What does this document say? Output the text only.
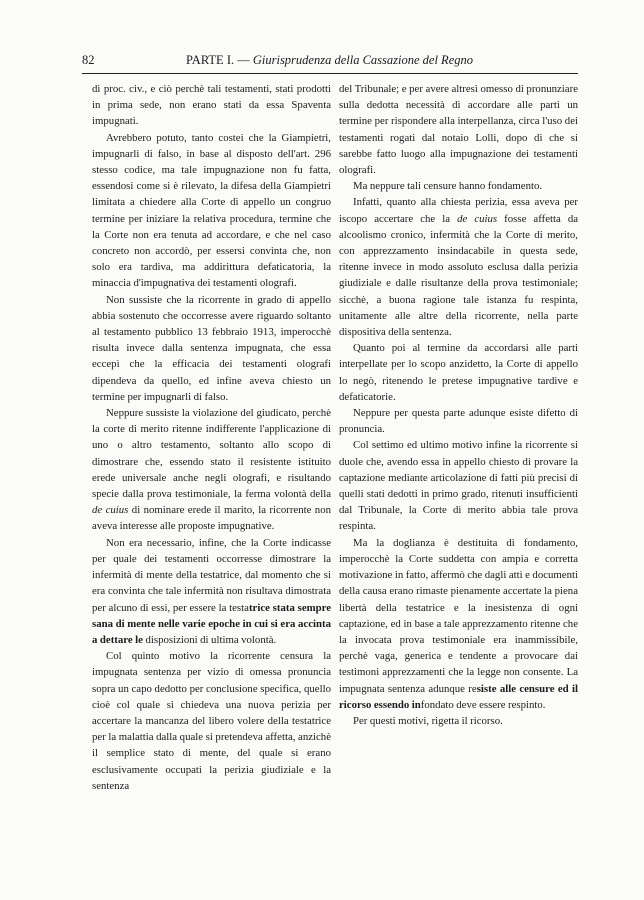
82	PARTE I. — Giurisprudenza della Cassazione del Regno

di proc. civ., e ciò perchè tali testamenti, stati prodotti in prima sede, non erano stati da essa Spaventa impugnati.

Avrebbero potuto, tanto costei che la Giampietri, impugnarli di falso, in base al disposto dell'art. 296 stesso codice, ma tale impugnazione non fu fatta, essendosi come si è rilevato, la difesa della Giampietri limitata a chiedere alla Corte di appello un congruo termine per iniziare la relativa procedura, termine che la Corte non era tenuta ad accordare, e che nel caso concreto non accordò, per essersi convinta che, non solo era tardiva, ma addirittura defaticatoria, la minaccia d'impugnativa dei testamenti olografi.

Non sussiste che la ricorrente in grado di appello abbia sostenuto che occorresse avere riguardo soltanto al testamento pubblico 13 febbraio 1913, imperocchè risulta invece dalla sentenza impugnata, che essa eccepì che la efficacia dei testamenti olografi dipendeva da quello, ed infine aveva chiesto un termine per impugnarli di falso.

Neppure sussiste la violazione del giudicato, perchè la corte di merito ritenne indifferente l'applicazione di uno o altro testamento, soltanto allo scopo di dimostrare che, essendo stato il resistente istituito erede universale anche negli olografi, e risultando specie dalla prova testimoniale, la ferma volontà della de cuius di nominare erede il marito, la ricorrente non aveva interesse alle proposte impugnative.

Non era necessario, infine, che la Corte indicasse per quale dei testamenti occorresse dimostrare la infermità di mente della testatrice, dal momento che si era convinta che tale infermità non risultava dimostrata per alcuno di essi, per essere la testatrice stata sempre sana di mente nelle varie epoche in cui si era accinta a dettare le disposizioni di ultima volontà.

Col quinto motivo la ricorrente censura la impugnata sentenza per vizio di omessa pronuncia sopra un capo dedotto per conclusione specifica, quello cioè col quale si chiedeva una nuova perizia per accertare la mancanza del libero volere della testatrice per la malattia dalla quale si pretendeva affetta, anzichè il semplice stato di mente, del quale si erano esclusivamente occupati la perizia giudiziale e la sentenza

del Tribunale; e per avere altresì omesso di pronunziare sulla dedotta necessità di accordare alle parti un termine per rispondere alla interpellanza, circa l'uso dei testamenti rogati dal notaio Lolli, dopo di che si sarebbe fatto luogo alla impugnazione dei testamenti olografi.

Ma neppure tali censure hanno fondamento.

Infatti, quanto alla chiesta perizia, essa aveva per iscopo accertare che la de cuius fosse affetta da alcoolismo cronico, infermità che la Corte di merito, con apprezzamento insindacabile in questa sede, ritenne invece in modo assoluto esclusa dalla perizia giudiziale e dalle risultanze della prova testimoniale; sicchè, a buona ragione tale istanza fu respinta, unitamente alle altre della ricorrente, nella parte dispositiva della sentenza.

Quanto poi al termine da accordarsi alle parti interpellate per lo scopo anzidetto, la Corte di appello lo negò, ritenendo le pretese impugnative tardive e defaticatorie.

Neppure per questa parte adunque esiste difetto di pronuncia.

Col settimo ed ultimo motivo infine la ricorrente si duole che, avendo essa in appello chiesto di provare la captazione mediante articolazione di fatti più precisi di quelli stati dedotti in primo grado, ritenuti insufficienti dal Tribunale, la Corte di merito abbia tale prova respinta.

Ma la doglianza è destituita di fondamento, imperocchè la Corte suddetta con ampia e corretta motivazione in fatto, affermò che dagli atti e documenti della causa erano rimaste pienamente accertate la piena libertà della testatrice e la inesistenza di ogni captazione, ed in base a tale apprezzamento ritenne che la invocata prova testimoniale era inammissibile, perchè vaga, generica e tendente a provocare dai testimoni apprezzamenti che la legge non consente. La impugnata sentenza adunque resiste alle censure ed il ricorso essendo infondato deve essere respinto.

Per questi motivi, rigetta il ricorso.
